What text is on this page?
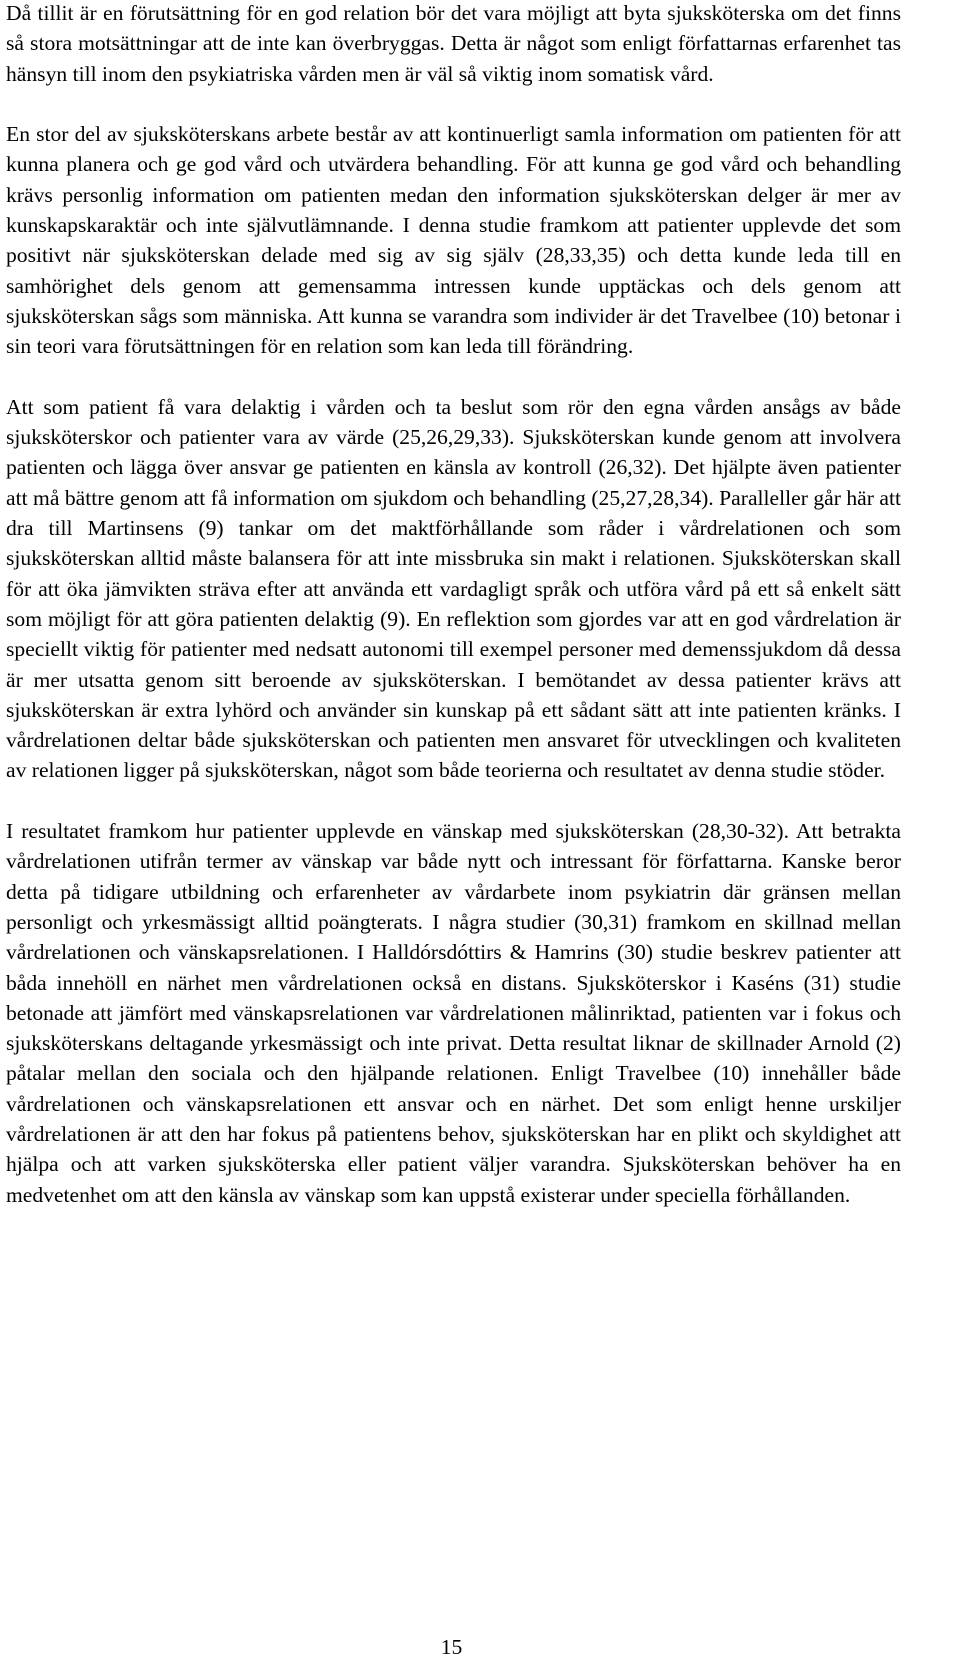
Då tillit är en förutsättning för en god relation bör det vara möjligt att byta sjuksköterska om det finns så stora motsättningar att de inte kan överbryggas. Detta är något som enligt författarnas erfarenhet tas hänsyn till inom den psykiatriska vården men är väl så viktig inom somatisk vård.

En stor del av sjuksköterskans arbete består av att kontinuerligt samla information om patienten för att kunna planera och ge god vård och utvärdera behandling. För att kunna ge god vård och behandling krävs personlig information om patienten medan den information sjuksköterskan delger är mer av kunskapskaraktär och inte självutlämnande. I denna studie framkom att patienter upplevde det som positivt när sjuksköterskan delade med sig av sig själv (28,33,35) och detta kunde leda till en samhörighet dels genom att gemensamma intressen kunde upptäckas och dels genom att sjuksköterskan sågs som människa. Att kunna se varandra som individer är det Travelbee (10) betonar i sin teori vara förutsättningen för en relation som kan leda till förändring.

Att som patient få vara delaktig i vården och ta beslut som rör den egna vården ansågs av både sjuksköterskor och patienter vara av värde (25,26,29,33). Sjuksköterskan kunde genom att involvera patienten och lägga över ansvar ge patienten en känsla av kontroll (26,32). Det hjälpte även patienter att må bättre genom att få information om sjukdom och behandling (25,27,28,34). Paralleller går här att dra till Martinsens (9) tankar om det maktförhållande som råder i vårdrelationen och som sjuksköterskan alltid måste balansera för att inte missbruka sin makt i relationen. Sjuksköterskan skall för att öka jämvikten sträva efter att använda ett vardagligt språk och utföra vård på ett så enkelt sätt som möjligt för att göra patienten delaktig (9). En reflektion som gjordes var att en god vårdrelation är speciellt viktig för patienter med nedsatt autonomi till exempel personer med demenssjukdom då dessa är mer utsatta genom sitt beroende av sjuksköterskan. I bemötandet av dessa patienter krävs att sjuksköterskan är extra lyhörd och använder sin kunskap på ett sådant sätt att inte patienten kränks. I vårdrelationen deltar både sjuksköterskan och patienten men ansvaret för utvecklingen och kvaliteten av relationen ligger på sjuksköterskan, något som både teorierna och resultatet av denna studie stöder.

I resultatet framkom hur patienter upplevde en vänskap med sjuksköterskan (28,30-32). Att betrakta vårdrelationen utifrån termer av vänskap var både nytt och intressant för författarna. Kanske beror detta på tidigare utbildning och erfarenheter av vårdarbete inom psykiatrin där gränsen mellan personligt och yrkesmässigt alltid poängterats. I några studier (30,31) framkom en skillnad mellan vårdrelationen och vänskapsrelationen. I Halldórsdóttirs & Hamrins (30) studie beskrev patienter att båda innehöll en närhet men vårdrelationen också en distans. Sjuksköterskor i Kaséns (31) studie betonade att jämfört med vänskapsrelationen var vårdrelationen målinriktad, patienten var i fokus och sjuksköterskans deltagande yrkesmässigt och inte privat. Detta resultat liknar de skillnader Arnold (2) påtalar mellan den sociala och den hjälpande relationen. Enligt Travelbee (10) innehåller både vårdrelationen och vänskapsrelationen ett ansvar och en närhet. Det som enligt henne urskiljer vårdrelationen är att den har fokus på patientens behov, sjuksköterskan har en plikt och skyldighet att hjälpa och att varken sjuksköterska eller patient väljer varandra. Sjuksköterskan behöver ha en medvetenhet om att den känsla av vänskap som kan uppstå existerar under speciella förhållanden.

15
